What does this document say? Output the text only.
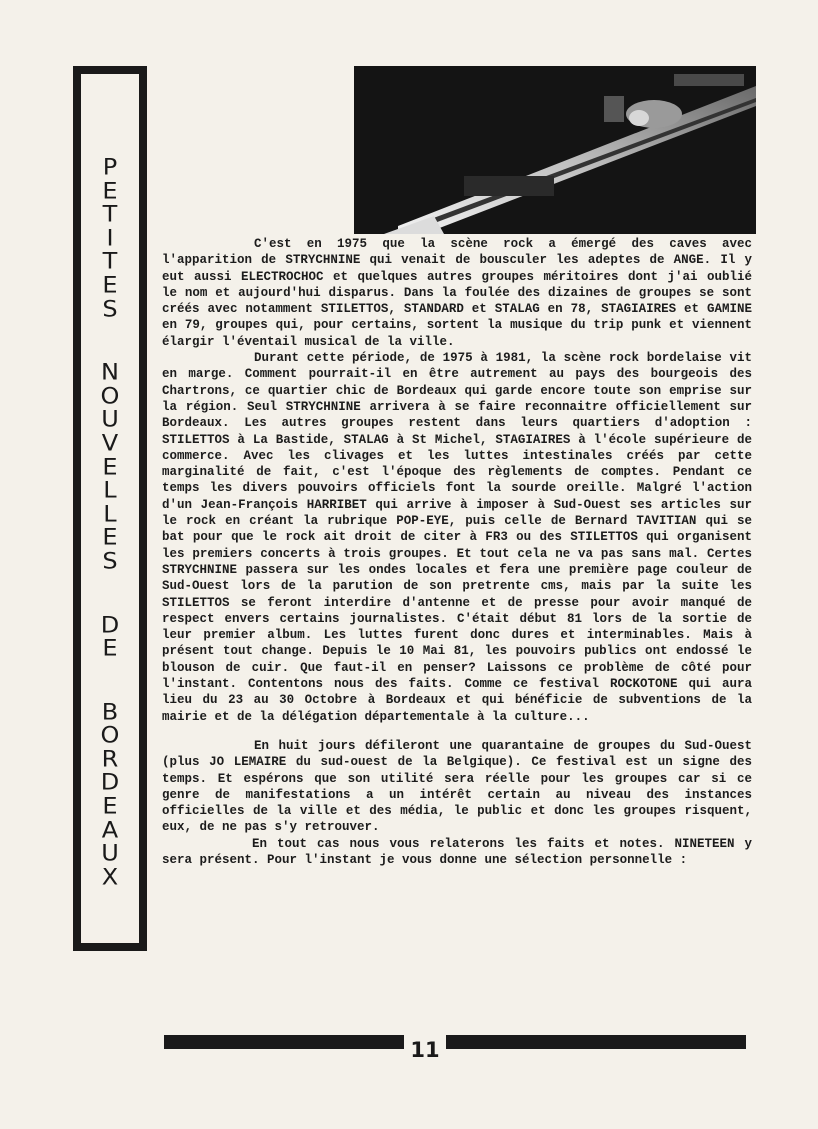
P
E
T
I
T
E
S
N
O
U
V
E
L
L
E
S
D
E
B
O
R
D
E
A
U
X

C'est en 1975 que la scène rock a émergé des caves avec l'apparition de STRYCHNINE qui venait de bousculer les adeptes de ANGE. Il y eut aussi ELECTROCHOC et quelques autres groupes méritoires dont j'ai oublié le nom et aujourd'hui disparus. Dans la foulée des dizaines de groupes se sont créés avec notamment STILETTOS, STANDARD et STALAG en 78, STAGIAIRES et GAMINE en 79, groupes qui, pour certains, sortent la musique du trip punk et viennent élargir l'éventail musical de la ville.

Durant cette période, de 1975 à 1981, la scène rock bordelaise vit en marge. Comment pourrait-il en être autrement au pays des bourgeois des Chartrons, ce quartier chic de Bordeaux qui garde encore toute son emprise sur la région. Seul STRYCHNINE arrivera à se faire reconnaitre officiellement sur Bordeaux. Les autres groupes restent dans leurs quartiers d'adoption : STILETTOS à La Bastide, STALAG à St Michel, STAGIAIRES à l'école supérieure de commerce. Avec les clivages et les luttes intestinales créés par cette marginalité de fait, c'est l'époque des règlements de comptes. Pendant ce temps les divers pouvoirs officiels font la sourde oreille. Malgré l'action d'un Jean-François HARRIBET qui arrive à imposer à Sud-Ouest ses articles sur le rock en créant la rubrique POP-EYE, puis celle de Bernard TAVITIAN qui se bat pour que le rock ait droit de citer à FR3 ou des STILETTOS qui organisent les premiers concerts à trois groupes. Et tout cela ne va pas sans mal. Certes STRYCHNINE passera sur les ondes locales et fera une première page couleur de Sud-Ouest lors de la parution de son pretrente cms, mais par la suite les STILETTOS se feront interdire d'antenne et de presse pour avoir manqué de respect envers certains journalistes. C'était début 81 lors de la sortie de leur premier album. Les luttes furent donc dures et interminables. Mais à présent tout change. Depuis le 10 Mai 81, les pouvoirs publics ont endossé le blouson de cuir. Que faut-il en penser? Laissons ce problème de côté pour l'instant. Contentons nous des faits. Comme ce festival ROCKOTONE qui aura lieu du 23 au 30 Octobre à Bordeaux et qui bénéficie de subventions de la mairie et de la délégation départementale à la culture...

En huit jours défileront une quarantaine de groupes du Sud-Ouest (plus JO LEMAIRE du sud-ouest de la Belgique). Ce festival est un signe des temps. Et espérons que son utilité sera réelle pour les groupes car si ce genre de manifestations a un intérêt certain au niveau des instances officielles de la ville et des média, le public et donc les groupes risquent, eux, de ne pas s'y retrouver.

En tout cas nous vous relaterons les faits et notes. NINETEEN y sera présent. Pour l'instant je vous donne une sélection personnelle :

11
